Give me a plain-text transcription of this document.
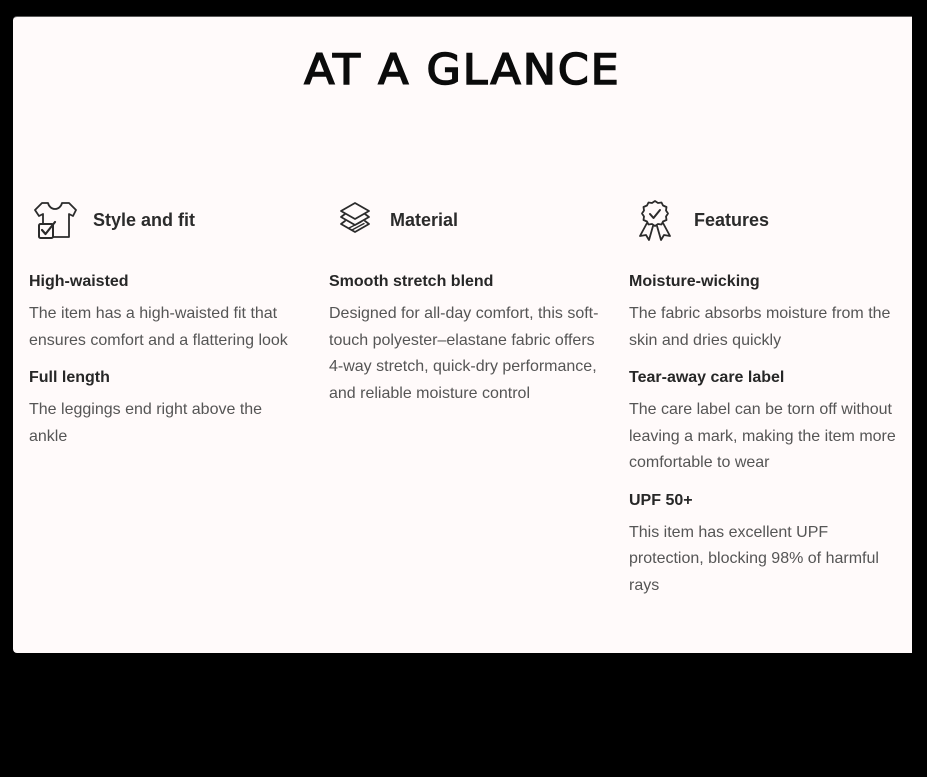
AT A GLANCE
Style and fit
High-waisted
The item has a high-waisted fit that ensures comfort and a flattering look
Full length
The leggings end right above the ankle
Material
Smooth stretch blend
Designed for all-day comfort, this soft-touch polyester–elastane fabric offers 4-way stretch, quick-dry performance, and reliable moisture control
Features
Moisture-wicking
The fabric absorbs moisture from the skin and dries quickly
Tear-away care label
The care label can be torn off without leaving a mark, making the item more comfortable to wear
UPF 50+
This item has excellent UPF protection, blocking 98% of harmful rays
